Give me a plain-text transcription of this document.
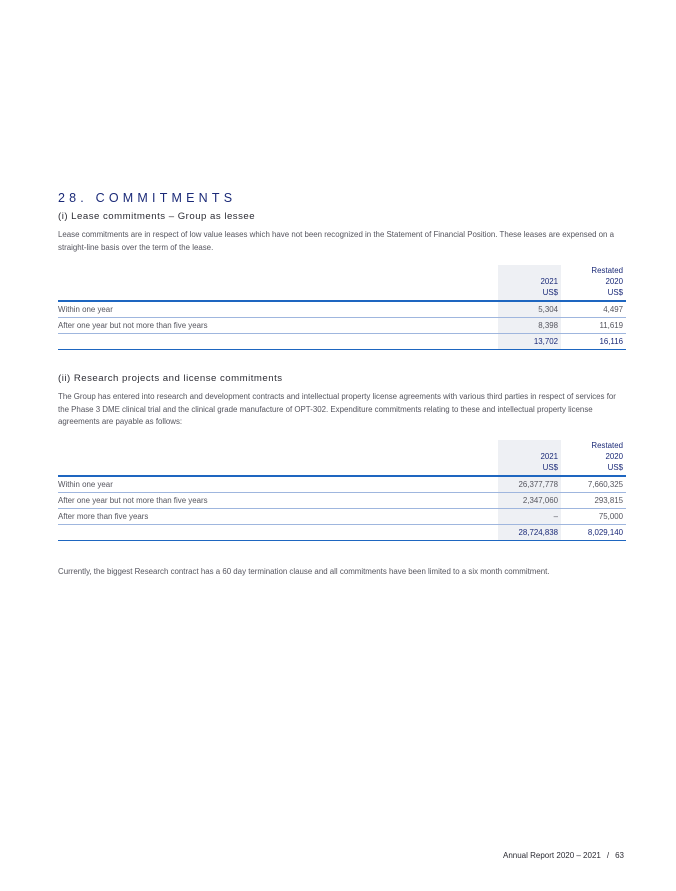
28. COMMITMENTS
(i) Lease commitments – Group as lessee

Lease commitments are in respect of low value leases which have not been recognized in the Statement of Financial Position. These leases are expensed on a straight-line basis over the term of the lease.

		Restated
	2021	2020
	US$	US$
Within one year	5,304	4,497
After one year but not more than five years	8,398	11,619
	13,702	16,116
(ii) Research projects and license commitments

The Group has entered into research and development contracts and intellectual property license agreements with various third parties in respect of services for the Phase 3 DME clinical trial and the clinical grade manufacture of OPT-302. Expenditure commitments relating to these and intellectual property license agreements are payable as follows:

		Restated
	2021	2020
	US$	US$
Within one year	26,377,778	7,660,325
After one year but not more than five years	2,347,060	293,815
After more than five years	–	75,000
	28,724,838	8,029,140

Currently, the biggest Research contract has a 60 day termination clause and all commitments have been limited to a six month commitment.

Annual Report 2020 – 2021 / 63
